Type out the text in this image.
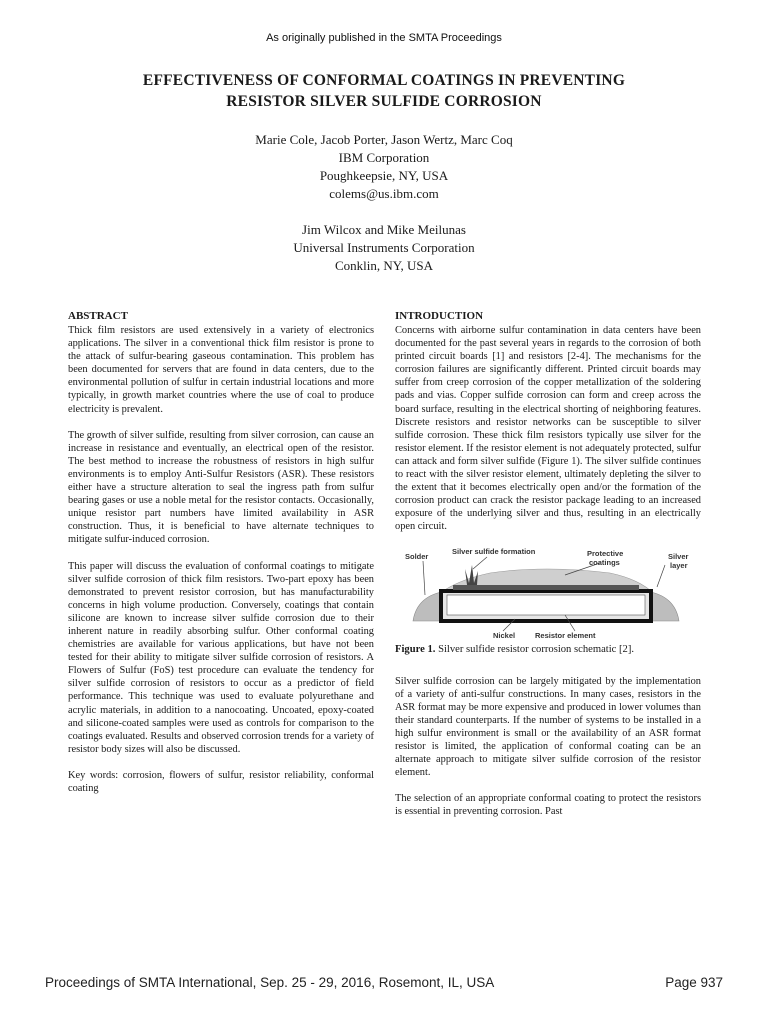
As originally published in the SMTA Proceedings
EFFECTIVENESS OF CONFORMAL COATINGS IN PREVENTING
RESISTOR SILVER SULFIDE CORROSION
Marie Cole, Jacob Porter, Jason Wertz, Marc Coq
IBM Corporation
Poughkeepsie, NY, USA
colems@us.ibm.com
Jim Wilcox and Mike Meilunas
Universal Instruments Corporation
Conklin, NY, USA
ABSTRACT

Thick film resistors are used extensively in a variety of electronics applications. The silver in a conventional thick film resistor is prone to the attack of sulfur-bearing gaseous contamination. This problem has been documented for servers that are found in data centers, due to the environmental pollution of sulfur in certain industrial locations and more typically, in growth market countries where the use of coal to produce electricity is prevalent.

The growth of silver sulfide, resulting from silver corrosion, can cause an increase in resistance and eventually, an electrical open of the resistor. The best method to increase the robustness of resistors in high sulfur environments is to employ Anti-Sulfur Resistors (ASR). These resistors either have a structure alteration to seal the ingress path from sulfur bearing gases or use a noble metal for the resistor contacts. Occasionally, unique resistor part numbers have limited availability in ASR construction. Thus, it is beneficial to have alternate techniques to mitigate sulfur-induced corrosion.

This paper will discuss the evaluation of conformal coatings to mitigate silver sulfide corrosion of thick film resistors. Two-part epoxy has been demonstrated to prevent resistor corrosion, but has manufacturability concerns in high volume production. Conversely, coatings that contain silicone are known to increase silver sulfide corrosion due to their inherent nature in readily absorbing sulfur. Other conformal coating chemistries are available for various applications, but have not been tested for their ability to mitigate silver sulfide corrosion of resistors. A Flowers of Sulfur (FoS) test procedure can evaluate the tendency for silver sulfide corrosion of resistors to occur as a predictor of field performance. This technique was used to evaluate polyurethane and acrylic materials, in addition to a nanocoating. Uncoated, epoxy-coated and silicone-coated samples were used as controls for comparison to the coatings evaluated. Results and observed corrosion trends for a variety of resistor body sizes will also be discussed.

Key words: corrosion, flowers of sulfur, resistor reliability, conformal coating

INTRODUCTION

Concerns with airborne sulfur contamination in data centers have been documented for the past several years in regards to the corrosion of both printed circuit boards [1] and resistors [2-4]. The mechanisms for the corrosion failures are significantly different. Printed circuit boards may suffer from creep corrosion of the copper metallization of the soldering pads and vias. Copper sulfide corrosion can form and creep across the board surface, resulting in the electrical shorting of neighboring features. Discrete resistors and resistor networks can be susceptible to silver sulfide corrosion. These thick film resistors typically use silver for the resistor element. If the resistor element is not adequately protected, sulfur can attack and form silver sulfide (Figure 1). The silver sulfide continues to react with the silver resistor element, ultimately depleting the silver to the extent that it becomes electrically open and/or the formation of the corrosion product can crack the resistor package leading to an increased exposure of the underlying silver and thus, resulting in an electrically open circuit.

Solder
Silver sulfide formation	Protective
coatings
Silver
layer
Nickel	Resistor element
Figure 1. Silver sulfide resistor corrosion schematic [2].

Silver sulfide corrosion can be largely mitigated by the implementation of a variety of anti-sulfur constructions. In many cases, resistors in the ASR format may be more expensive and produced in lower volumes than their standard counterparts. If the number of systems to be installed in a high sulfur environment is small or the availability of an ASR format resistor is limited, the application of conformal coating can be an alternate approach to mitigate silver sulfide corrosion of the resistor element.

The selection of an appropriate conformal coating to protect the resistors is essential in preventing corrosion. Past

Proceedings of SMTA International, Sep. 25 - 29, 2016, Rosemont, IL, USA	Page 937
